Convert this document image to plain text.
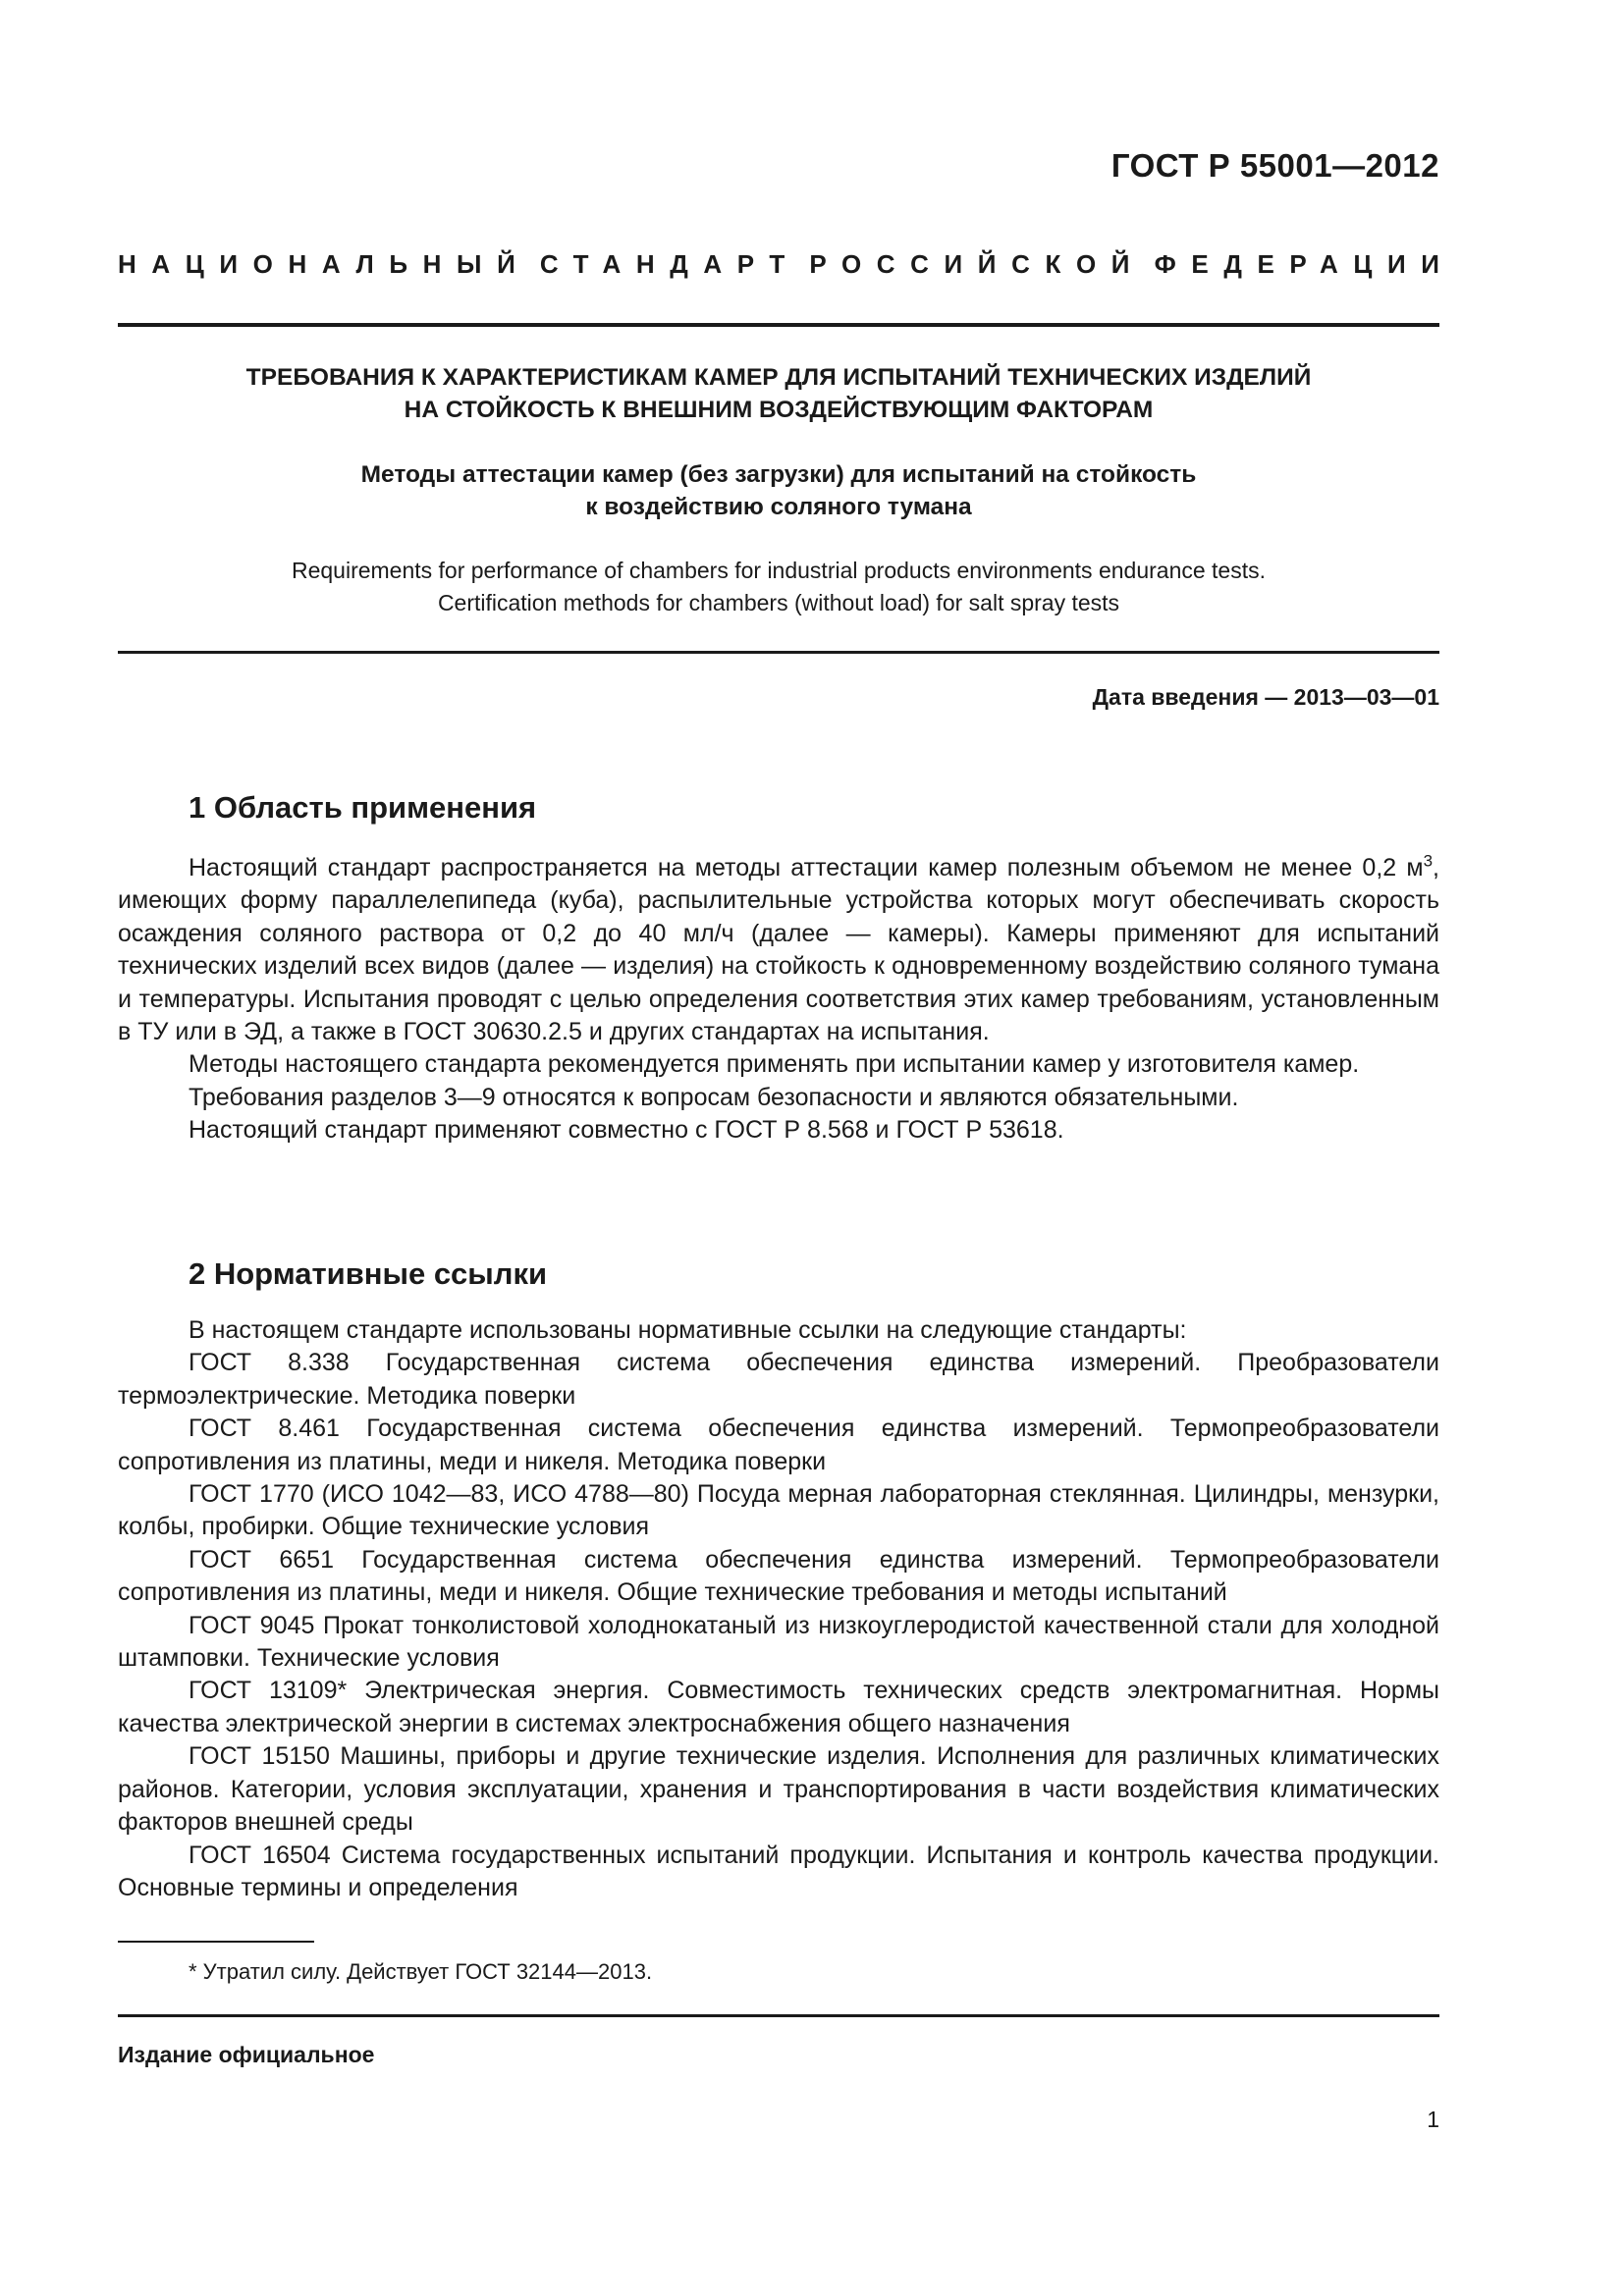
ГОСТ Р 55001—2012
НАЦИОНАЛЬНЫЙ СТАНДАРТ РОССИЙСКОЙ ФЕДЕРАЦИИ
ТРЕБОВАНИЯ К ХАРАКТЕРИСТИКАМ КАМЕР ДЛЯ ИСПЫТАНИЙ ТЕХНИЧЕСКИХ ИЗДЕЛИЙ
НА СТОЙКОСТЬ К ВНЕШНИМ ВОЗДЕЙСТВУЮЩИМ ФАКТОРАМ
Методы аттестации камер (без загрузки) для испытаний на стойкость
к воздействию соляного тумана
Requirements for performance of chambers for industrial products environments endurance tests.
Certification methods for chambers (without load) for salt spray tests
Дата введения — 2013—03—01
1 Область применения

Настоящий стандарт распространяется на методы аттестации камер полезным объемом не менее 0,2 $м^3$, имеющих форму параллелепипеда (куба), распылительные устройства которых могут обеспечивать скорость осаждения соляного раствора от 0,2 до 40 мл/ч (далее — камеры). Камеры применяют для испытаний технических изделий всех видов (далее — изделия) на стойкость к одновременному воздействию соляного тумана и температуры. Испытания проводят с целью определения соответствия этих камер требованиям, установленным в ТУ или в ЭД, а также в ГОСТ 30630.2.5 и других стандартах на испытания.

Методы настоящего стандарта рекомендуется применять при испытании камер у изготовителя камер.

Требования разделов 3—9 относятся к вопросам безопасности и являются обязательными.

Настоящий стандарт применяют совместно с ГОСТ Р 8.568 и ГОСТ Р 53618.

2 Нормативные ссылки

В настоящем стандарте использованы нормативные ссылки на следующие стандарты:

ГОСТ 8.338 Государственная система обеспечения единства измерений. Преобразователи термоэлектрические. Методика поверки

ГОСТ 8.461 Государственная система обеспечения единства измерений. Термопреобразователи сопротивления из платины, меди и никеля. Методика поверки

ГОСТ 1770 (ИСО 1042—83, ИСО 4788—80) Посуда мерная лабораторная стеклянная. Цилиндры, мензурки, колбы, пробирки. Общие технические условия

ГОСТ 6651 Государственная система обеспечения единства измерений. Термопреобразователи сопротивления из платины, меди и никеля. Общие технические требования и методы испытаний

ГОСТ 9045 Прокат тонколистовой холоднокатаный из низкоуглеродистой качественной стали для холодной штамповки. Технические условия

ГОСТ 13109* Электрическая энергия. Совместимость технических средств электромагнитная. Нормы качества электрической энергии в системах электроснабжения общего назначения

ГОСТ 15150 Машины, приборы и другие технические изделия. Исполнения для различных климатических районов. Категории, условия эксплуатации, хранения и транспортирования в части воздействия климатических факторов внешней среды

ГОСТ 16504 Система государственных испытаний продукции. Испытания и контроль качества продукции. Основные термины и определения

* Утратил силу. Действует ГОСТ 32144—2013.
Издание официальное
1
